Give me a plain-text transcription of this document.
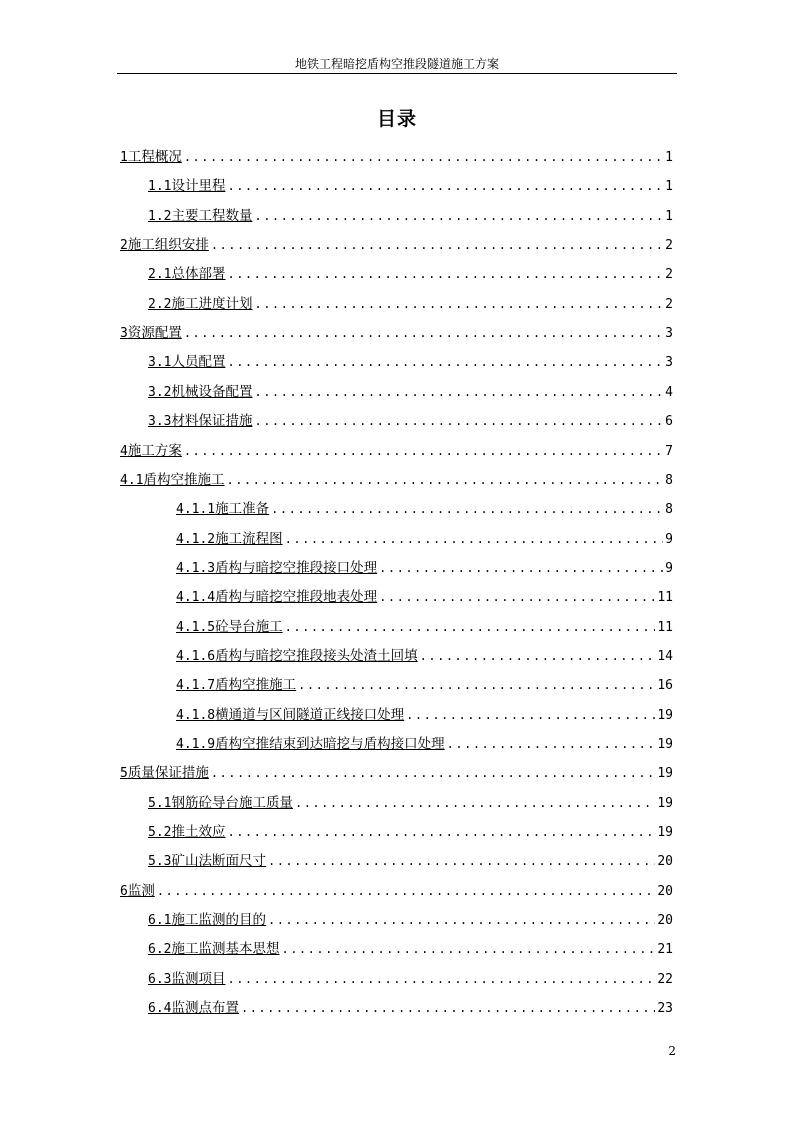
地铁工程暗挖盾构空推段隧道施工方案
目录
1 工程概况 .....	1
1.1 设计里程 .....	1
1.2 主要工程数量 .....	1
2 施工组织安排 .....	2
2.1 总体部署 .....	2
2.2 施工进度计划 .....	2
3 资源配置 .....	3
3.1 人员配置 .....	3
3.2 机械设备配置 .....	4
3.3 材料保证措施 .....	6
4 施工方案 .....	7
4.1 盾构空推施工 .....	8
4.1.1 施工准备 .....	8
4.1.2 施工流程图 .....	9
4.1.3 盾构与暗挖空推段接口处理 .....	9
4.1.4 盾构与暗挖空推段地表处理 .....	11
4.1.5 砼导台施工 .....	11
4.1.6 盾构与暗挖空推段接头处渣土回填 .....	14
4.1.7 盾构空推施工 .....	16
4.1.8 横通道与区间隧道正线接口处理 .....	19
4.1.9 盾构空推结束到达暗挖与盾构接口处理 .....	19
5 质量保证措施 .....	19
5.1 钢筋砼导台施工质量 .....	19
5.2 推土效应 .....	19
5.3 矿山法断面尺寸 .....	20
6 监测 .....	20
6.1 施工监测的目的 .....	20
6.2 施工监测基本思想 .....	21
6.3 监测项目 .....	22
6.4 监测点布置 .....	23
2
